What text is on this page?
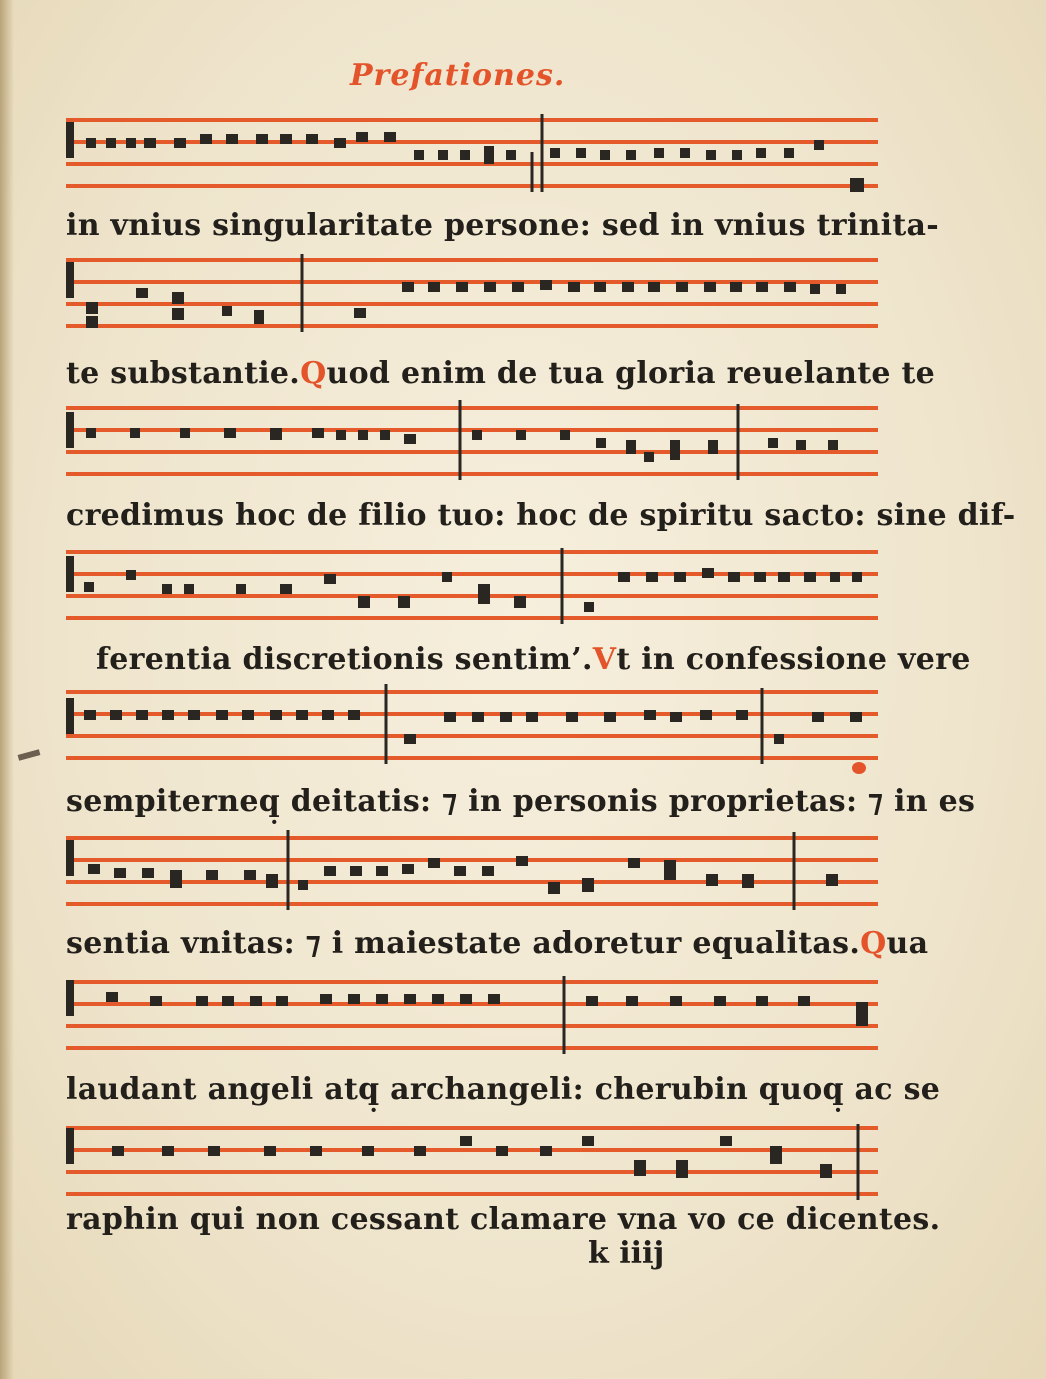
Prefationes.
in vnius singularitate persone: sed in vnius trinita-
te substantie.Quod enim de tua gloria reuelante te
credimus hoc de filio tuo: hoc de spiritu sacto: sine dif-
ferentia discretionis sentim’.Vt in confessione vere
sempiterneq̣ deitatis: ⁊ in personis proprietas: ⁊ in es
sentia vnitas: ⁊ i maiestate adoretur equalitas.Qua
laudant angeli atq̣ archangeli: cherubin quoq̣ ac se
raphin qui non cessant clamare vna vo ce dicentes.
k iiij
